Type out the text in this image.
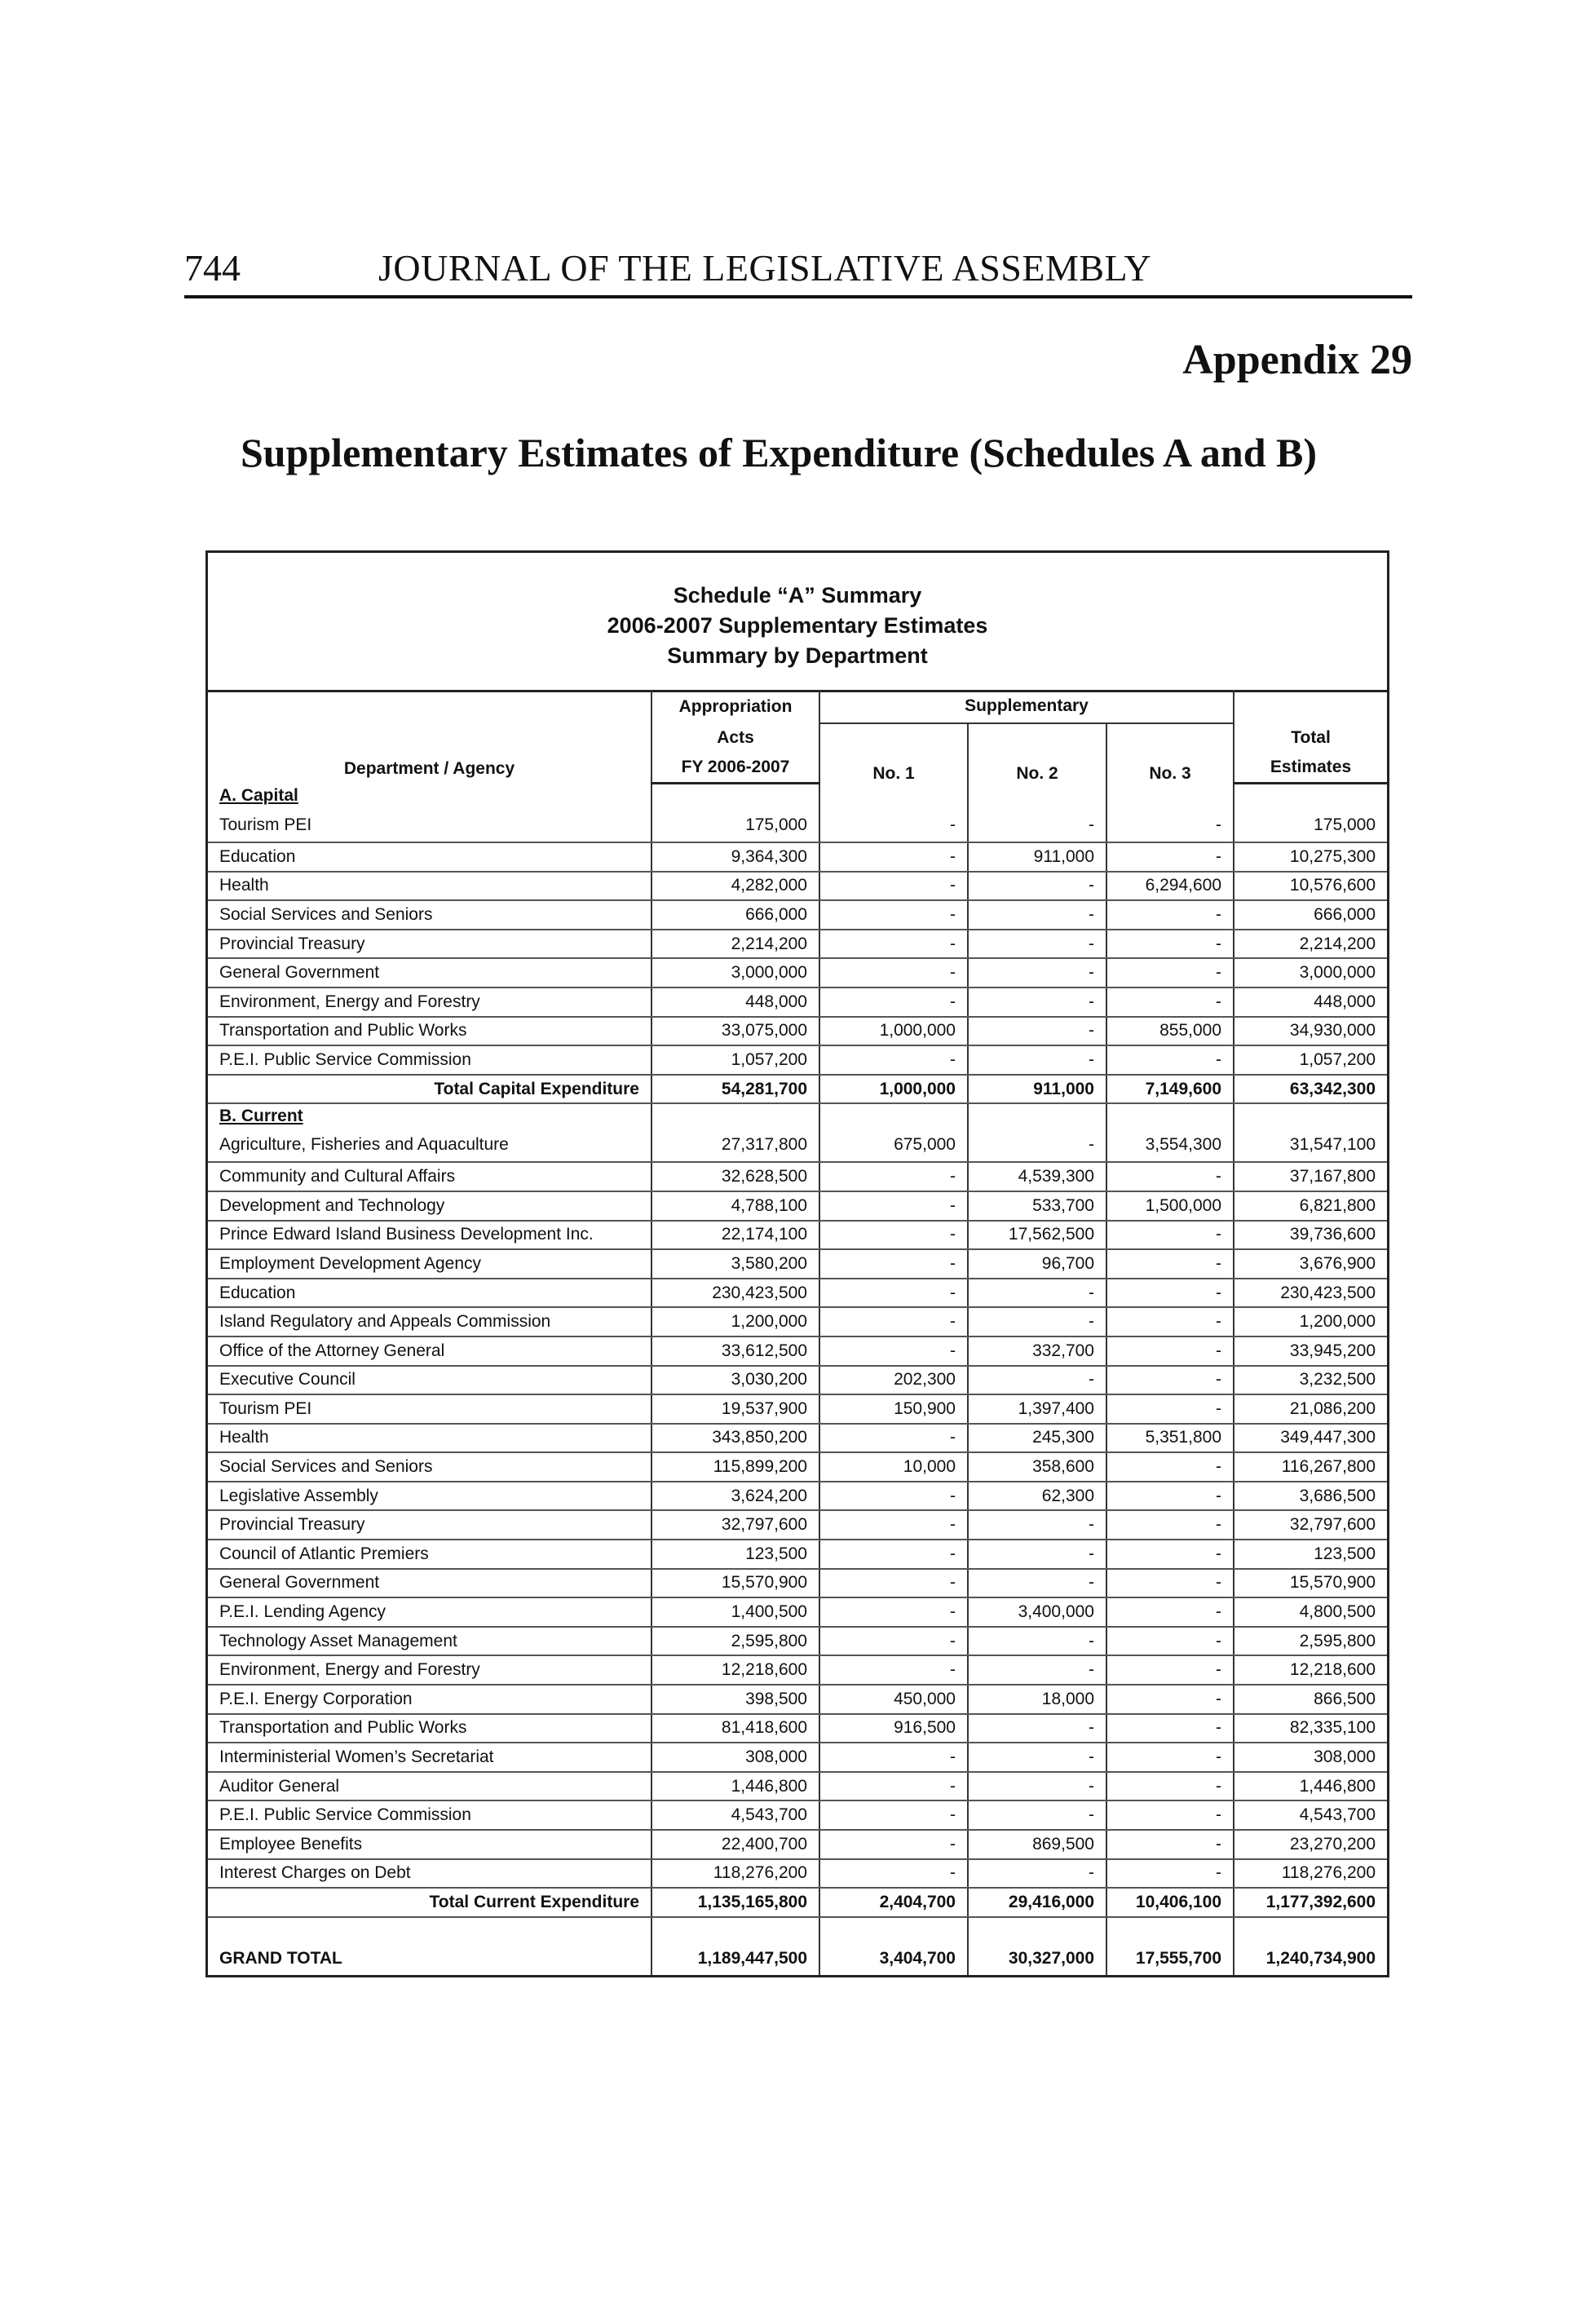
744	JOURNAL OF THE LEGISLATIVE ASSEMBLY
Appendix 29
Supplementary Estimates of Expenditure (Schedules A and B)
Schedule “A” Summary
2006-2007 Supplementary Estimates
Summary by Department
Department / Agency	Appropriation	Supplementary			
	Acts	No. 1	No. 2	No. 3	Total
	FY 2006-2007				Estimates
A. Capital					
Tourism PEI	175,000	-	-	-	175,000
Education	9,364,300	-	911,000	-	10,275,300
Health	4,282,000	-	-	6,294,600	10,576,600
Social Services and Seniors	666,000	-	-	-	666,000
Provincial Treasury	2,214,200	-	-	-	2,214,200
General Government	3,000,000	-	-	-	3,000,000
Environment, Energy and Forestry	448,000	-	-	-	448,000
Transportation and Public Works	33,075,000	1,000,000	-	855,000	34,930,000
P.E.I. Public Service Commission	1,057,200	-	-	-	1,057,200
Total Capital Expenditure	54,281,700	1,000,000	911,000	7,149,600	63,342,300
B. Current					
Agriculture, Fisheries and Aquaculture	27,317,800	675,000	-	3,554,300	31,547,100
Community and Cultural Affairs	32,628,500	-	4,539,300	-	37,167,800
Development and Technology	4,788,100	-	533,700	1,500,000	6,821,800
Prince Edward Island Business Development Inc.	22,174,100	-	17,562,500	-	39,736,600
Employment Development Agency	3,580,200	-	96,700	-	3,676,900
Education	230,423,500	-	-	-	230,423,500
Island Regulatory and Appeals Commission	1,200,000	-	-	-	1,200,000
Office of the Attorney General	33,612,500	-	332,700	-	33,945,200
Executive Council	3,030,200	202,300	-	-	3,232,500
Tourism PEI	19,537,900	150,900	1,397,400	-	21,086,200
Health	343,850,200	-	245,300	5,351,800	349,447,300
Social Services and Seniors	115,899,200	10,000	358,600	-	116,267,800
Legislative Assembly	3,624,200	-	62,300	-	3,686,500
Provincial Treasury	32,797,600	-	-	-	32,797,600
Council of Atlantic Premiers	123,500	-	-	-	123,500
General Government	15,570,900	-	-	-	15,570,900
P.E.I. Lending Agency	1,400,500	-	3,400,000	-	4,800,500
Technology Asset Management	2,595,800	-	-	-	2,595,800
Environment, Energy and Forestry	12,218,600	-	-	-	12,218,600
P.E.I. Energy Corporation	398,500	450,000	18,000	-	866,500
Transportation and Public Works	81,418,600	916,500	-	-	82,335,100
Interministerial Women’s Secretariat	308,000	-	-	-	308,000
Auditor General	1,446,800	-	-	-	1,446,800
P.E.I. Public Service Commission	4,543,700	-	-	-	4,543,700
Employee Benefits	22,400,700	-	869,500	-	23,270,200
Interest Charges on Debt	118,276,200	-	-	-	118,276,200
Total Current Expenditure	1,135,165,800	2,404,700	29,416,000	10,406,100	1,177,392,600

GRAND TOTAL	1,189,447,500	3,404,700	30,327,000	17,555,700	1,240,734,900
